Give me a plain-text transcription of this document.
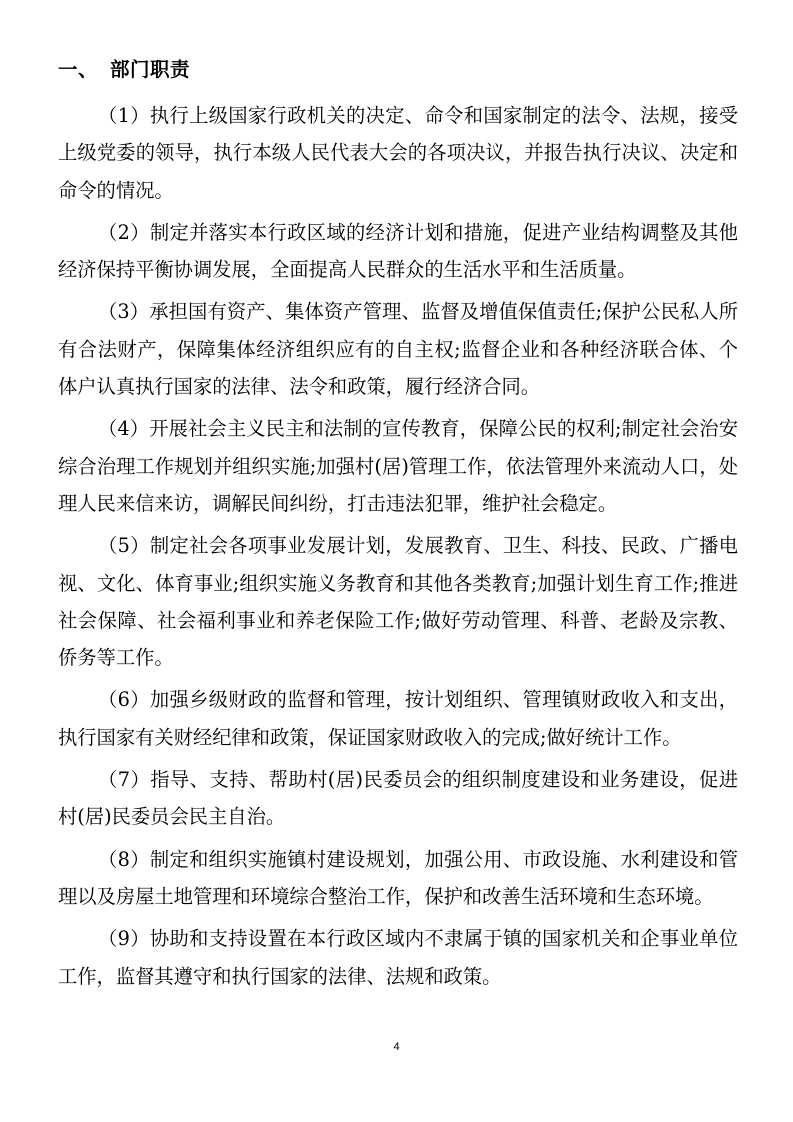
一、 部门职责

（1）执行上级国家行政机关的决定、命令和国家制定的法令、法规，接受上级党委的领导，执行本级人民代表大会的各项决议，并报告执行决议、决定和命令的情况。

（2）制定并落实本行政区域的经济计划和措施，促进产业结构调整及其他经济保持平衡协调发展，全面提高人民群众的生活水平和生活质量。

（3）承担国有资产、集体资产管理、监督及增值保值责任;保护公民私人所有合法财产，保障集体经济组织应有的自主权;监督企业和各种经济联合体、个体户认真执行国家的法律、法令和政策，履行经济合同。

（4）开展社会主义民主和法制的宣传教育，保障公民的权利;制定社会治安综合治理工作规划并组织实施;加强村(居)管理工作，依法管理外来流动人口，处理人民来信来访，调解民间纠纷，打击违法犯罪，维护社会稳定。

（5）制定社会各项事业发展计划，发展教育、卫生、科技、民政、广播电视、文化、体育事业;组织实施义务教育和其他各类教育;加强计划生育工作;推进社会保障、社会福利事业和养老保险工作;做好劳动管理、科普、老龄及宗教、侨务等工作。

（6）加强乡级财政的监督和管理，按计划组织、管理镇财政收入和支出，执行国家有关财经纪律和政策，保证国家财政收入的完成;做好统计工作。

（7）指导、支持、帮助村(居)民委员会的组织制度建设和业务建设，促进村(居)民委员会民主自治。

（8）制定和组织实施镇村建设规划，加强公用、市政设施、水利建设和管理以及房屋土地管理和环境综合整治工作，保护和改善生活环境和生态环境。

（9）协助和支持设置在本行政区域内不隶属于镇的国家机关和企事业单位工作，监督其遵守和执行国家的法律、法规和政策。

4
